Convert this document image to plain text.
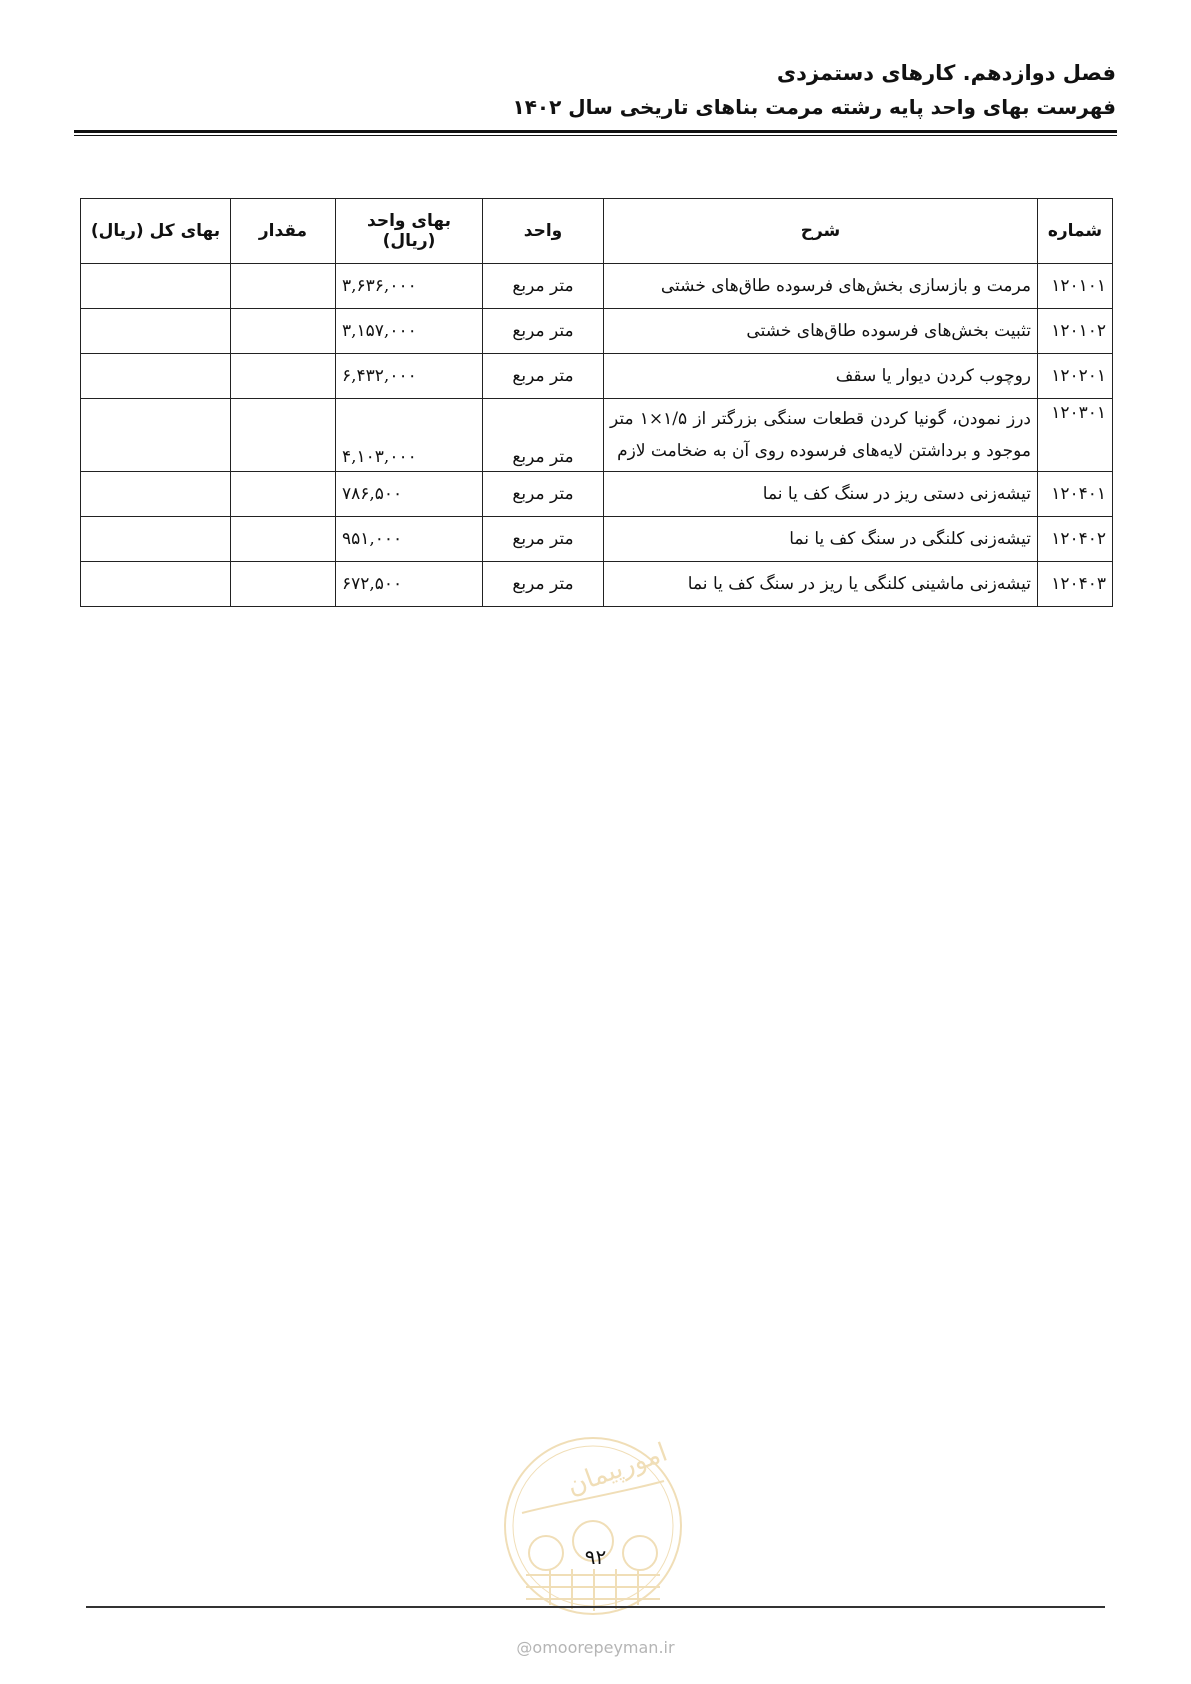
فصل دوازدهم. کارهای دستمزدی
فهرست بهای واحد پایه رشته مرمت بناهای تاریخی سال ۱۴۰۲
شماره	شرح	واحد	بهای واحد (ریال)	مقدار	بهای کل (ریال)
۱۲۰۱۰۱	مرمت و بازسازی بخش‌های فرسوده طاق‌های خشتی	متر مربع	۳,۶۳۶,۰۰۰		
۱۲۰۱۰۲	تثبیت بخش‌های فرسوده طاق‌های خشتی	متر مربع	۳,۱۵۷,۰۰۰		
۱۲۰۲۰۱	روچوب کردن دیوار یا سقف	متر مربع	۶,۴۳۲,۰۰۰		
۱۲۰۳۰۱	درز نمودن، گونیا کردن قطعات سنگی بزرگتر از ۱/۵×۱ متر موجود و برداشتن لایه‌های فرسوده روی آن به ضخامت لازم	متر مربع	۴,۱۰۳,۰۰۰		
۱۲۰۴۰۱	تیشه‌زنی دستی ریز در سنگ کف یا نما	متر مربع	۷۸۶,۵۰۰		
۱۲۰۴۰۲	تیشه‌زنی کلنگی در سنگ کف یا نما	متر مربع	۹۵۱,۰۰۰		
۱۲۰۴۰۳	تیشه‌زنی ماشینی کلنگی یا ریز در سنگ کف یا نما	متر مربع	۶۷۲,۵۰۰		
امورپیمان
۹۲
@omoorepeyman.ir
